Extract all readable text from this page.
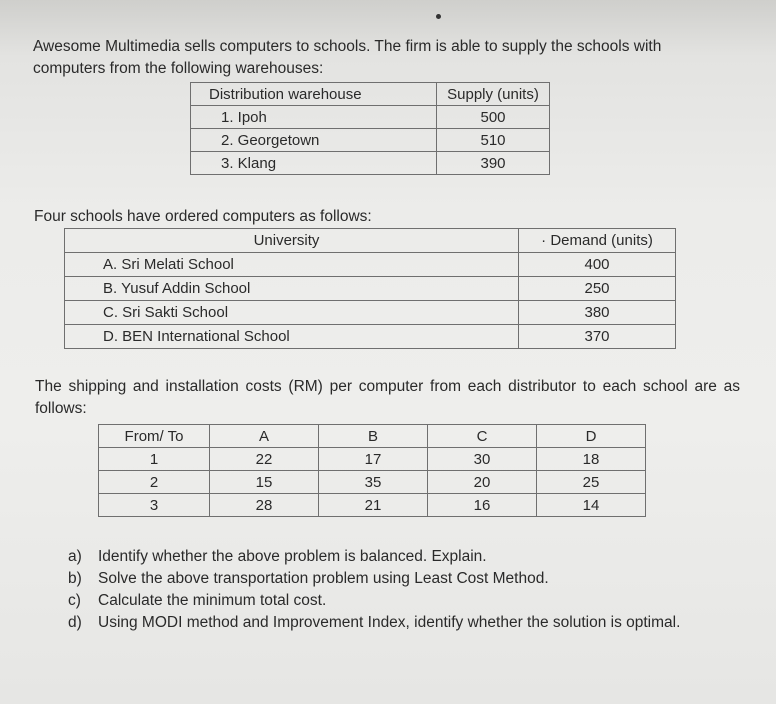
Awesome Multimedia sells computers to schools. The firm is able to supply the schools with computers from the following warehouses:

Distribution warehouse	Supply (units)
1. Ipoh	500
2. Georgetown	510
3. Klang	390

Four schools have ordered computers as follows:

University	· Demand (units)
A. Sri Melati School	400
B. Yusuf Addin School	250
C. Sri Sakti School	380
D. BEN International School	370

The shipping and installation costs (RM) per computer from each distributor to each school are as follows:

From/ To	A	B	C	D
1	22	17	30	18
2	15	35	20	25
3	28	21	16	14
a)	Identify whether the above problem is balanced. Explain.
b)	Solve the above transportation problem using Least Cost Method.
c)	Calculate the minimum total cost.
d)	Using MODI method and Improvement Index, identify whether the solution is optimal.
